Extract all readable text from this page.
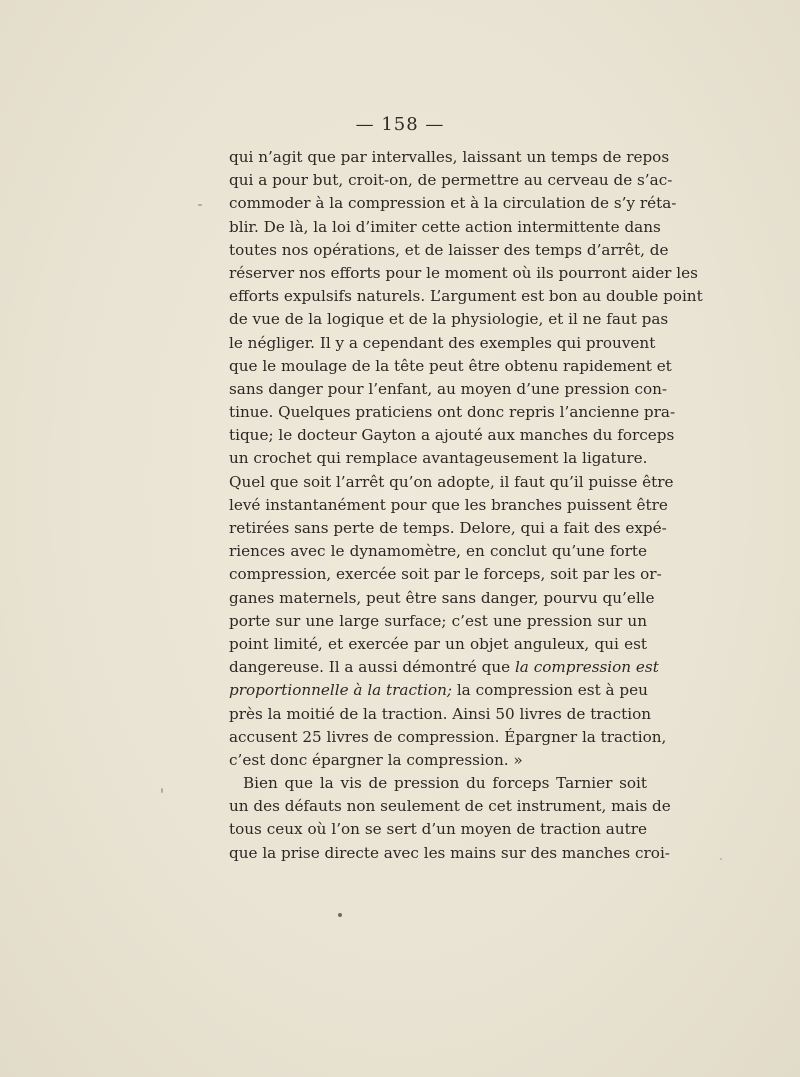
— 158 —
qui n’agit que par intervalles, laissant un temps de repos
qui a pour but, croit-on, de permettre au cerveau de s’ac-
commoder à la compression et à la circulation de s’y réta-
blir. De là, la loi d’imiter cette action intermittente dans
toutes nos opérations, et de laisser des temps d’arrêt, de
réserver nos efforts pour le moment où ils pourront aider les
efforts expulsifs naturels. L’argument est bon au double point
de vue de la logique et de la physiologie, et il ne faut pas
le négliger. Il y a cependant des exemples qui prouvent
que le moulage de la tête peut être obtenu rapidement et
sans danger pour l’enfant, au moyen d’une pression con-
tinue. Quelques praticiens ont donc repris l’ancienne pra-
tique; le docteur Gayton a ajouté aux manches du forceps
un crochet qui remplace avantageusement la ligature.
Quel que soit l’arrêt qu’on adopte, il faut qu’il puisse être
levé instantanément pour que les branches puissent être
retirées sans perte de temps. Delore, qui a fait des expé-
riences avec le dynamomètre, en conclut qu’une forte
compression, exercée soit par le forceps, soit par les or-
ganes maternels, peut être sans danger, pourvu qu’elle
porte sur une large surface; c’est une pression sur un
point limité, et exercée par un objet anguleux, qui est
dangereuse. Il a aussi démontré que la compression est
proportionnelle à la traction; la compression est à peu
près la moitié de la traction. Ainsi 50 livres de traction
accusent 25 livres de compression. Épargner la traction,
c’est donc épargner la compression. »
Bien que la vis de pression du forceps Tarnier soit
un des défauts non seulement de cet instrument, mais de
tous ceux où l’on se sert d’un moyen de traction autre
que la prise directe avec les mains sur des manches croi-
